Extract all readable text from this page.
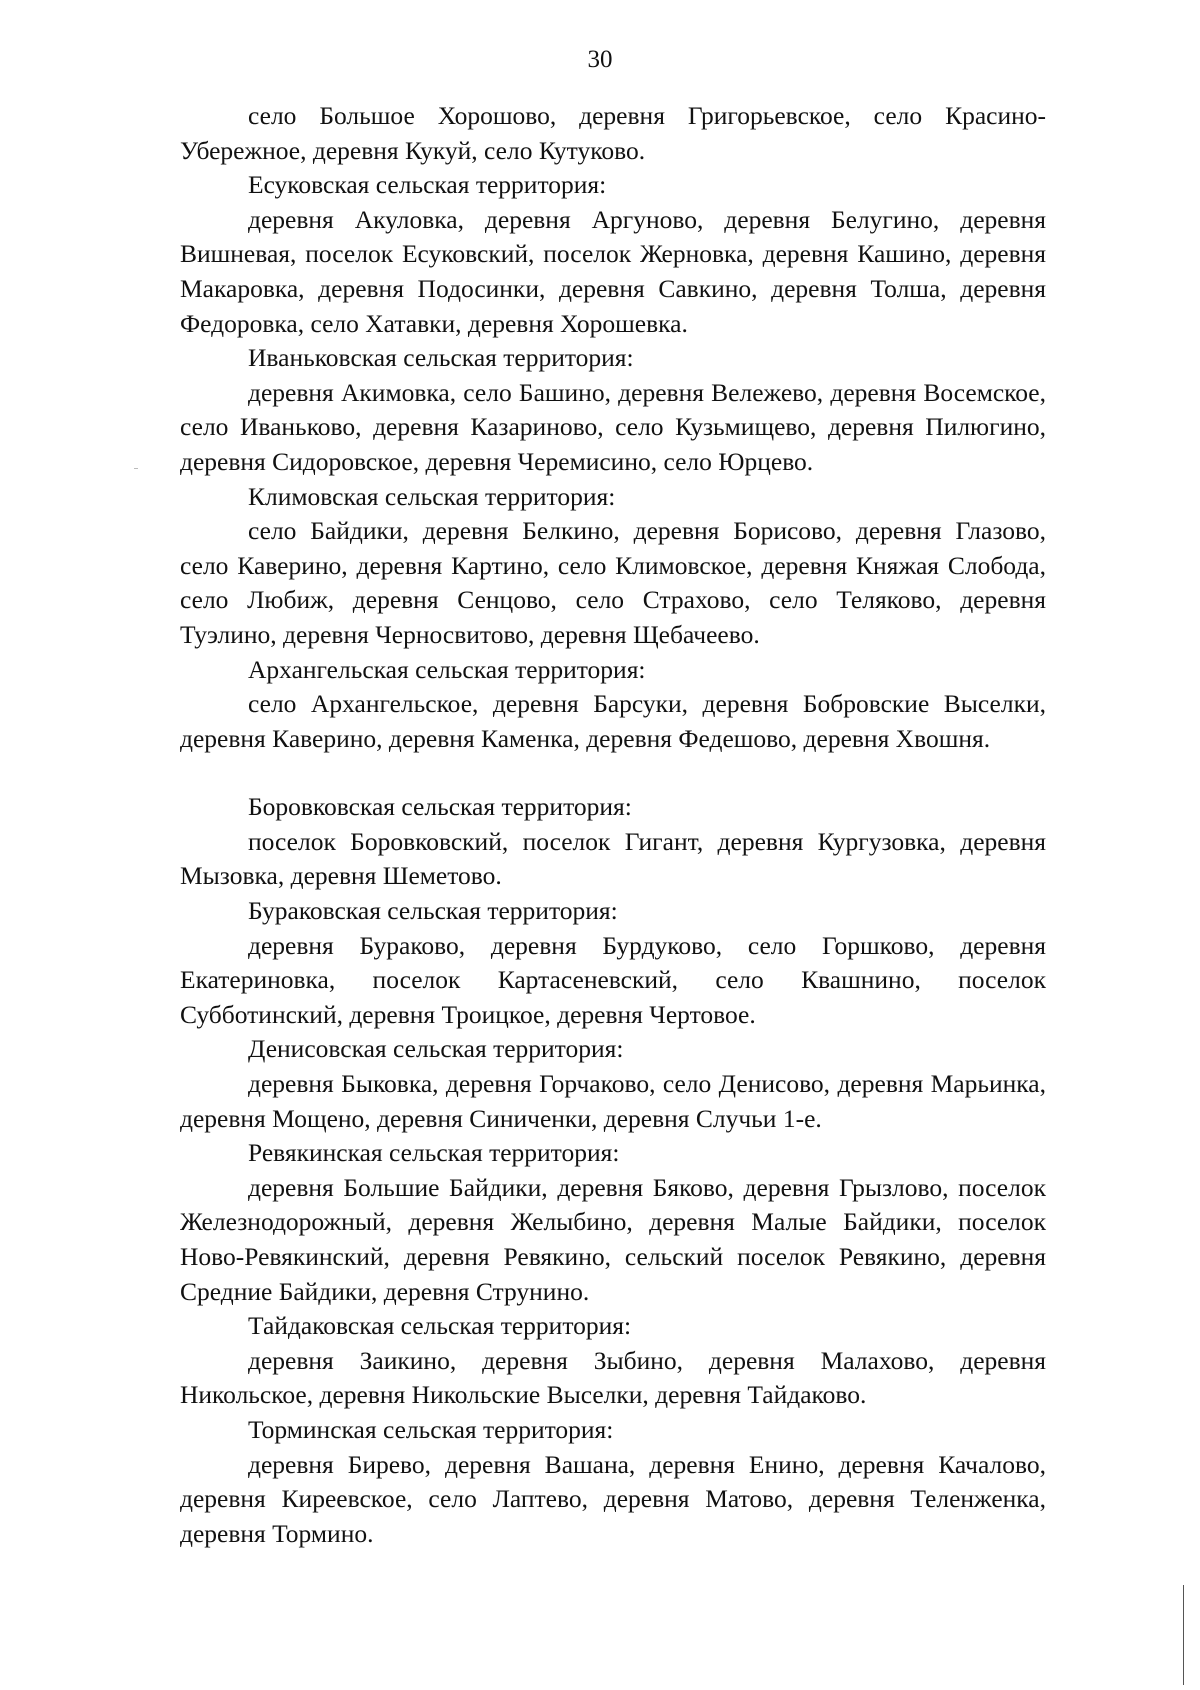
30

село Большое Хорошово, деревня Григорьевское, село Красино-Убережное, деревня Кукуй, село Кутуково.

Есуковская сельская территория:

деревня Акуловка, деревня Аргуново, деревня Белугино, деревня Вишневая, поселок Есуковский, поселок Жерновка, деревня Кашино, деревня Макаровка, деревня Подосинки, деревня Савкино, деревня Толша, деревня Федоровка, село Хатавки, деревня Хорошевка.

Иваньковская сельская территория:

деревня Акимовка, село Башино, деревня Вележево, деревня Восемское, село Иваньково, деревня Казариново, село Кузьмищево, деревня Пилюгино, деревня Сидоровское, деревня Черемисино, село Юрцево.

Климовская сельская территория:

село Байдики, деревня Белкино, деревня Борисово, деревня Глазово, село Каверино, деревня Картино, село Климовское, деревня Княжая Слобода, село Любиж, деревня Сенцово, село Страхово, село Теляково, деревня Туэлино, деревня Черносвитово, деревня Щебачеево.

Архангельская сельская территория:

село Архангельское, деревня Барсуки, деревня Бобровские Выселки, деревня Каверино, деревня Каменка, деревня Федешово, деревня Хвошня.

Боровковская сельская территория:

поселок Боровковский, поселок Гигант, деревня Кургузовка, деревня Мызовка, деревня Шеметово.

Бураковская сельская территория:

деревня Бураково, деревня Бурдуково, село Горшково, деревня Екатериновка, поселок Картасеневский, село Квашнино, поселок Субботинский, деревня Троицкое, деревня Чертовое.

Денисовская сельская территория:

деревня Быковка, деревня Горчаково, село Денисово, деревня Марьинка, деревня Мощено, деревня Синиченки, деревня Случьи 1-е.

Ревякинская сельская территория:

деревня Большие Байдики, деревня Бяково, деревня Грызлово, поселок Железнодорожный, деревня Желыбино, деревня Малые Байдики, поселок Ново-Ревякинский, деревня Ревякино, сельский поселок Ревякино, деревня Средние Байдики, деревня Струнино.

Тайдаковская сельская территория:

деревня Заикино, деревня Зыбино, деревня Малахово, деревня Никольское, деревня Никольские Выселки, деревня Тайдаково.

Торминская сельская территория:

деревня Бирево, деревня Вашана, деревня Енино, деревня Качалово, деревня Киреевское, село Лаптево, деревня Матово, деревня Теленженка, деревня Тормино.
